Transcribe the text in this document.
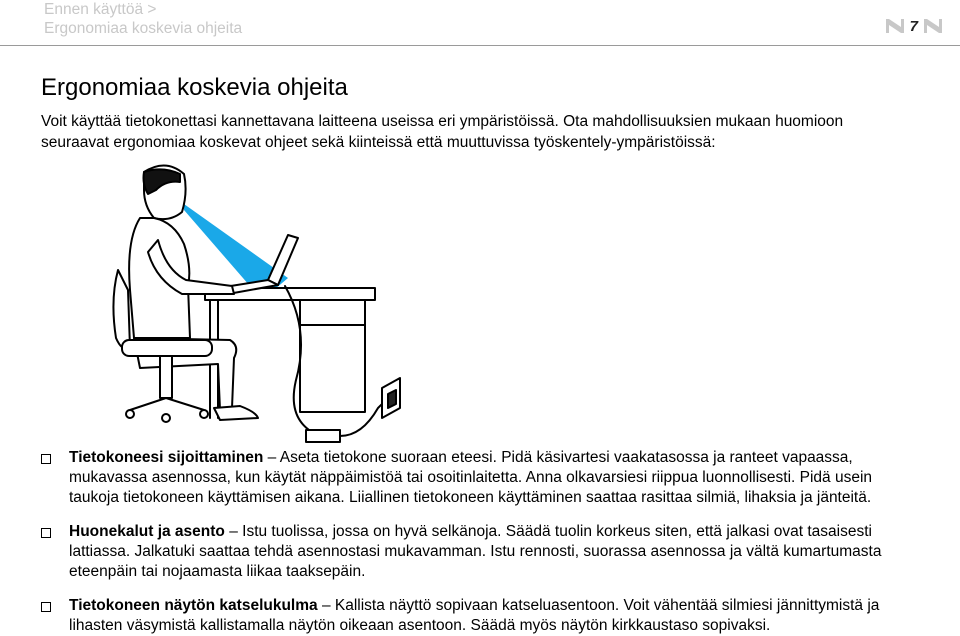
Ennen käyttöä >
Ergonomiaa koskevia ohjeita	7
Ergonomiaa koskevia ohjeita

Voit käyttää tietokonettasi kannettavana laitteena useissa eri ympäristöissä. Ota mahdollisuuksien mukaan huomioon
seuraavat ergonomiaa koskevat ohjeet sekä kiinteissä että muuttuvissa työskentely-ympäristöissä:

Tietokoneesi sijoittaminen – Aseta tietokone suoraan eteesi. Pidä käsivartesi vaakatasossa ja ranteet vapaassa,
mukavassa asennossa, kun käytät näppäimistöä tai osoitinlaitetta. Anna olkavarsiesi riippua luonnollisesti. Pidä usein
taukoja tietokoneen käyttämisen aikana. Liiallinen tietokoneen käyttäminen saattaa rasittaa silmiä, lihaksia ja jänteitä.
Huonekalut ja asento – Istu tuolissa, jossa on hyvä selkänoja. Säädä tuolin korkeus siten, että jalkasi ovat tasaisesti
lattiassa. Jalkatuki saattaa tehdä asennostasi mukavamman. Istu rennosti, suorassa asennossa ja vältä kumartumasta
eteenpäin tai nojaamasta liikaa taaksepäin.
Tietokoneen näytön katselukulma – Kallista näyttö sopivaan katseluasentoon. Voit vähentää silmiesi jännittymistä ja
lihasten väsymistä kallistamalla näytön oikeaan asentoon. Säädä myös näytön kirkkaustaso sopivaksi.
